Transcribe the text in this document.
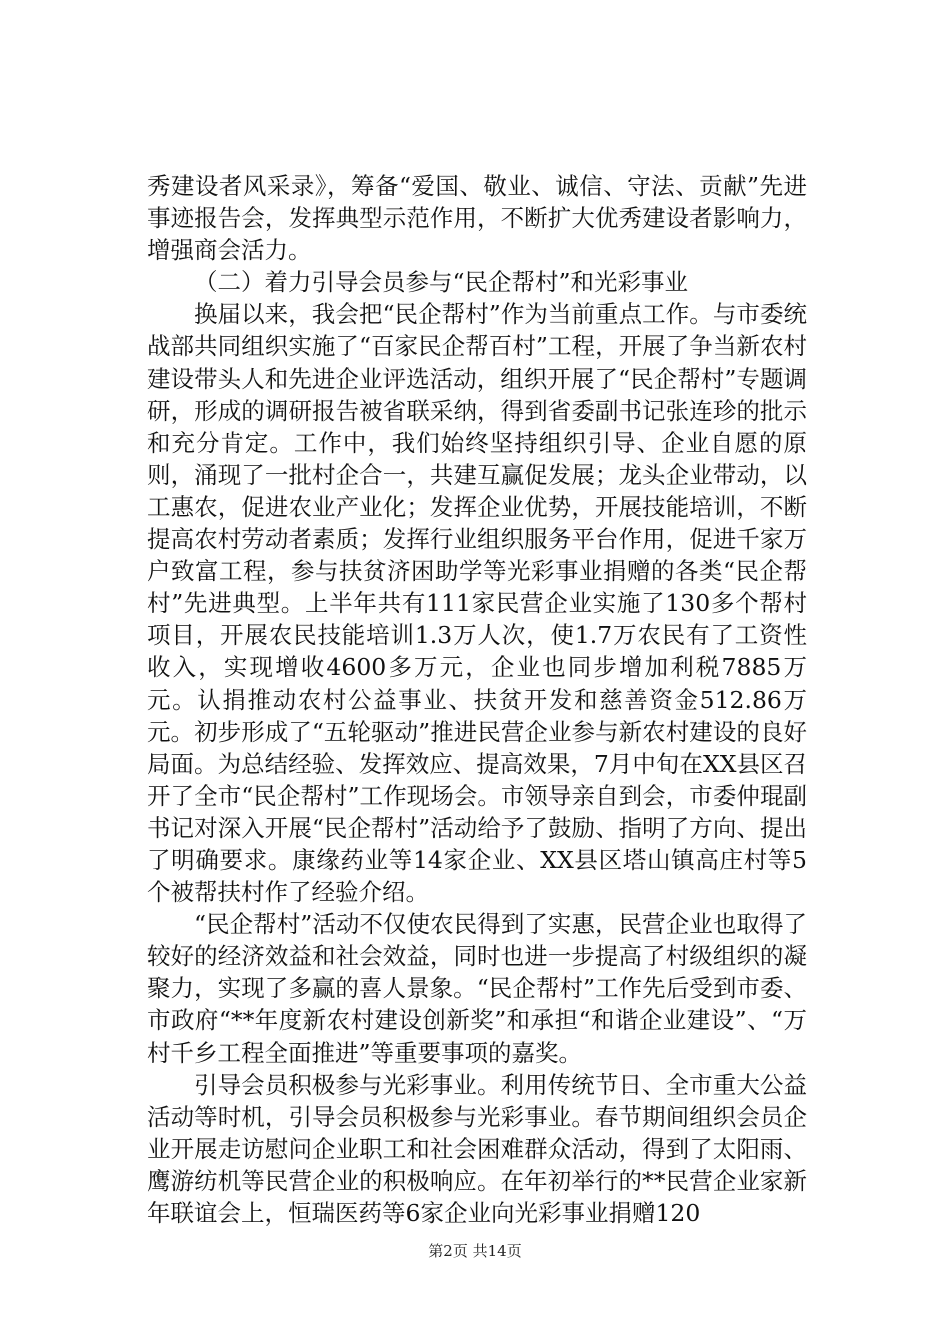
秀建设者风采录》，筹备“爱国、敬业、诚信、守法、贡献”先进事迹报告会，发挥典型示范作用，不断扩大优秀建设者影响力，增强商会活力。

（二）着力引导会员参与“民企帮村”和光彩事业

换届以来，我会把“民企帮村”作为当前重点工作。与市委统战部共同组织实施了“百家民企帮百村”工程，开展了争当新农村建设带头人和先进企业评选活动，组织开展了“民企帮村”专题调研，形成的调研报告被省联采纳，得到省委副书记张连珍的批示和充分肯定。工作中，我们始终坚持组织引导、企业自愿的原则，涌现了一批村企合一，共建互赢促发展；龙头企业带动，以工惠农，促进农业产业化；发挥企业优势，开展技能培训，不断提高农村劳动者素质；发挥行业组织服务平台作用，促进千家万户致富工程，参与扶贫济困助学等光彩事业捐赠的各类“民企帮村”先进典型。上半年共有111家民营企业实施了130多个帮村项目，开展农民技能培训1.3万人次，使1.7万农民有了工资性收入，实现增收4600多万元，企业也同步增加利税7885万元。认捐推动农村公益事业、扶贫开发和慈善资金512.86万元。初步形成了“五轮驱动”推进民营企业参与新农村建设的良好局面。为总结经验、发挥效应、提高效果，7月中旬在XX县区召开了全市“民企帮村”工作现场会。市领导亲自到会，市委仲琨副书记对深入开展“民企帮村”活动给予了鼓励、指明了方向、提出了明确要求。康缘药业等14家企业、XX县区塔山镇高庄村等5个被帮扶村作了经验介绍。

“民企帮村”活动不仅使农民得到了实惠，民营企业也取得了较好的经济效益和社会效益，同时也进一步提高了村级组织的凝聚力，实现了多赢的喜人景象。“民企帮村”工作先后受到市委、市政府“**年度新农村建设创新奖”和承担“和谐企业建设”、“万村千乡工程全面推进”等重要事项的嘉奖。

引导会员积极参与光彩事业。利用传统节日、全市重大公益活动等时机，引导会员积极参与光彩事业。春节期间组织会员企业开展走访慰问企业职工和社会困难群众活动，得到了太阳雨、鹰游纺机等民营企业的积极响应。在年初举行的**民营企业家新年联谊会上，恒瑞医药等6家企业向光彩事业捐赠120

第2页 共14页
